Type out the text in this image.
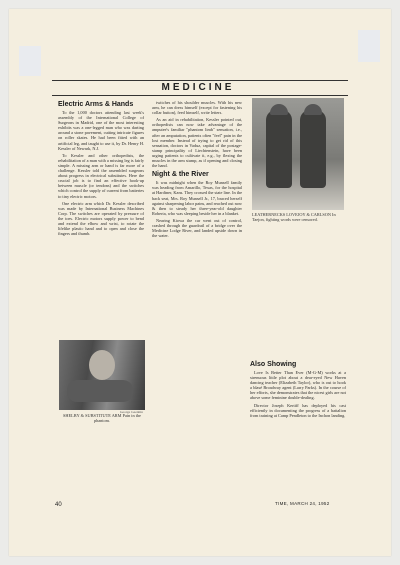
MEDICINE
Electric Arms & Hands

To the 1,000 doctors attending last week's assembly of the International College of Surgeons in Madrid, one of the most interesting exhibits was a one-legged man who was darting around a stone pavement, cutting intricate figures on roller skates. He had been fitted with an artificial leg, and taught to use it, by Dr. Henry H. Kessler of Newark, N.J.

To Kessler and other orthopedists, the rehabilitation of a man with a missing leg is fairly simple. A missing arm or hand is far more of a challenge. Kessler told the assembled surgeons about progress in electrical substitutes. Here the crucial job is to find an effective hook-up between muscle (or tendons) and the switches which control the supply of current from batteries to tiny electric motors.

One electric arm which Dr. Kessler described was made by International Business Machines Corp. The switches are operated by pressure of the toes. Electric motors supply power to bend and extend the elbow and wrist, to rotate the lifelike plastic hand and to open and close the fingers and thumb.

George Gaenhin
SHELBY & SUBSTITUTE ARM Pain in the phantom.

twitches of his shoulder muscles. With his new arm, he can dress himself (except for fastening his collar button), feed himself, write letters.

As an aid in rehabilitation, Kessler pointed out, orthopedists can now take advantage of the amputee's familiar "phantom limb" sensation, i.e., after an amputation, patients often "feel" pain in the lost member. Instead of trying to get rid of this sensation, doctors in Vaduz, capital of the postage-stamp principality of Liechtenstein, have been urging patients to cultivate it, e.g., by flexing the muscles in the arm stump, as if opening and closing the hand.

Night & the River

It was midnight when the Roy Munsell family was heading from Amarillo, Texas, for the hospital at Hardtner, Kans. They crossed the state line. In the back seat, Mrs. Roy Munsell Jr., 17, braced herself against sharpening labor pains, and reached out now & then to steady her three-year-old daughter Roberta, who was sleeping beside her in a blanket.

Nearing Kiowa the car went out of control, crashed through the guardrail of a bridge over the Medicine Lodge River, and landed upside down in the water.

LEATHERNECKS LOVEJOY & CARLSON In Taejon, fighting words were censored.
Also Showing

Love Is Better Than Ever (M-G-M) works at a strenuous little plot about a dear-eyed New Haven dancing teacher (Elizabeth Taylor), who is out to hook a blasé Broadway agent (Larry Parks). In the course of her efforts, she demonstrates that the nicest girls are not above some feminine double-dealing.

Director Joseph Kertiff has deployed his cast efficiently in documenting the progress of a battalion from training at Camp Pendleton to the Inchon landing.

40	TIME, MARCH 24, 1952
